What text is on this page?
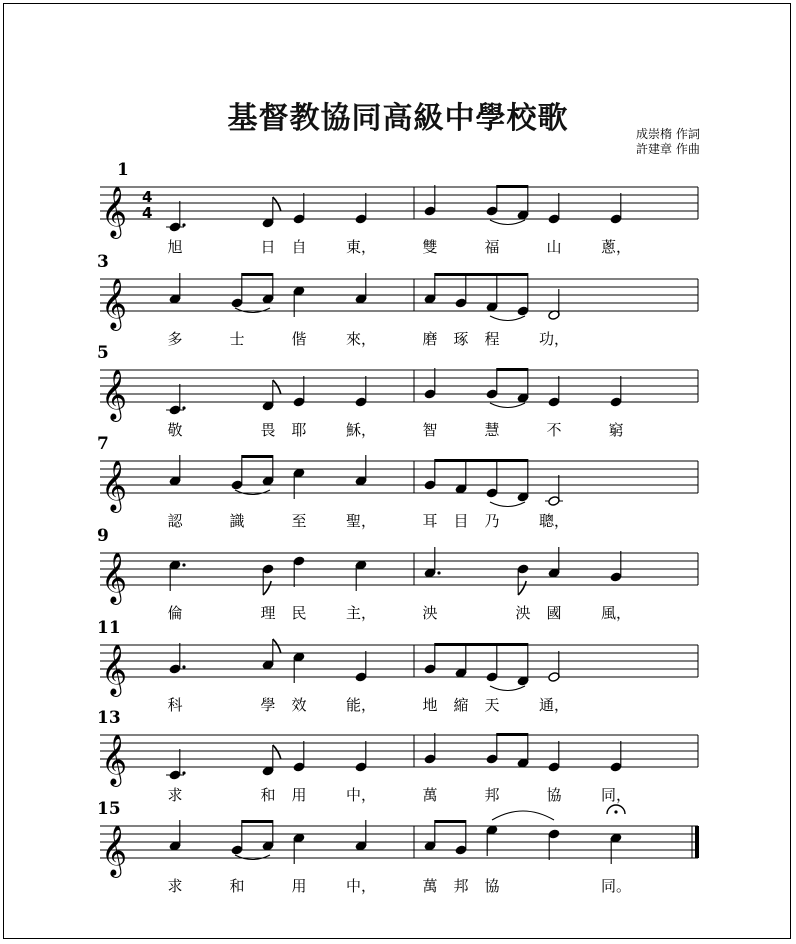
基督教協同高級中學校歌	成崇楕 作詞
許建章 作曲
1
𝄞 4
4
旭	日 自	東，	雙	福	山	蔥，
3
𝄞
多	士	偕	來，	磨 琢 程	功，
5
𝄞
敬	畏 耶	穌，	智	慧	不	窮
7
𝄞
認	識	至	聖，	耳 目 乃	聰，
9
𝄞
倫	理 民	主，	泱	泱 國	風，
11
𝄞
科	學 效	能，	地 縮 天	通，
13
𝄞
求	和 用	中，	萬	邦	協	同，
15
𝄞
求	和	用	中，	萬 邦 協	同。
